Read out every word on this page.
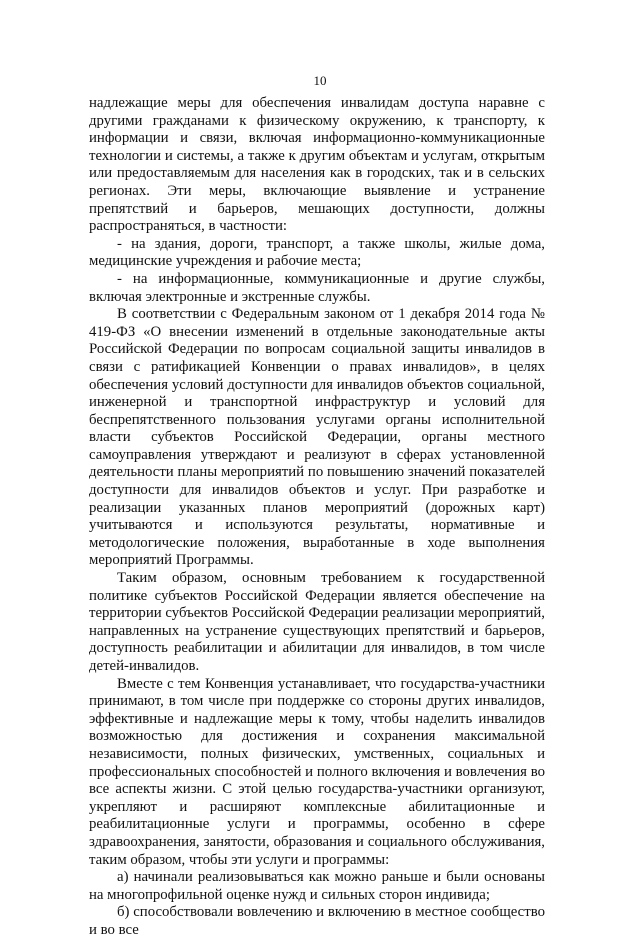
10

надлежащие меры для обеспечения инвалидам доступа наравне с другими гражданами к физическому окружению, к транспорту, к информации и связи, включая информационно-коммуникационные технологии и системы, а также к другим объектам и услугам, открытым или предоставляемым для населения как в городских, так и в сельских регионах. Эти меры, включающие выявление и устранение препятствий и барьеров, мешающих доступности, должны распространяться, в частности:

- на здания, дороги, транспорт, а также школы, жилые дома, медицинские учреждения и рабочие места;

- на информационные, коммуникационные и другие службы, включая электронные и экстренные службы.

В соответствии с Федеральным законом от 1 декабря 2014 года № 419-ФЗ «О внесении изменений в отдельные законодательные акты Российской Федерации по вопросам социальной защиты инвалидов в связи с ратификацией Конвенции о правах инвалидов», в целях обеспечения условий доступности для инвалидов объектов социальной, инженерной и транспортной инфраструктур и условий для беспрепятственного пользования услугами органы исполнительной власти субъектов Российской Федерации, органы местного самоуправления утверждают и реализуют в сферах установленной деятельности планы мероприятий по повышению значений показателей доступности для инвалидов объектов и услуг. При разработке и реализации указанных планов мероприятий (дорожных карт) учитываются и используются результаты, нормативные и методологические положения, выработанные в ходе выполнения мероприятий Программы.

Таким образом, основным требованием к государственной политике субъектов Российской Федерации является обеспечение на территории субъектов Российской Федерации реализации мероприятий, направленных на устранение существующих препятствий и барьеров, доступность реабилитации и абилитации для инвалидов, в том числе детей-инвалидов.

Вместе с тем Конвенция устанавливает, что государства-участники принимают, в том числе при поддержке со стороны других инвалидов, эффективные и надлежащие меры к тому, чтобы наделить инвалидов возможностью для достижения и сохранения максимальной независимости, полных физических, умственных, социальных и профессиональных способностей и полного включения и вовлечения во все аспекты жизни. С этой целью государства-участники организуют, укрепляют и расширяют комплексные абилитационные и реабилитационные услуги и программы, особенно в сфере здравоохранения, занятости, образования и социального обслуживания, таким образом, чтобы эти услуги и программы:

а) начинали реализовываться как можно раньше и были основаны на многопрофильной оценке нужд и сильных сторон индивида;

б) способствовали вовлечению и включению в местное сообщество и во все
